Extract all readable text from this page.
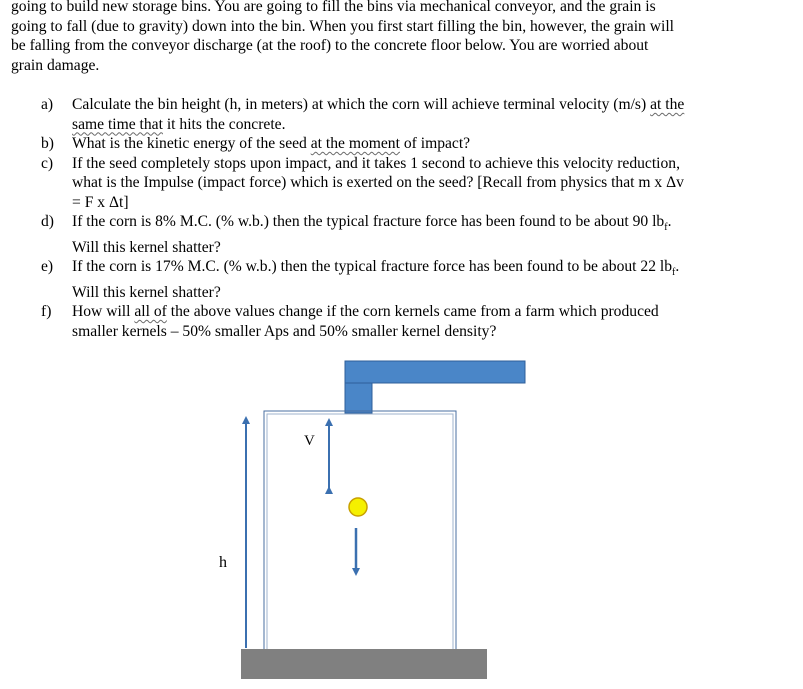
going to build new storage bins. You are going to fill the bins via mechanical conveyor, and the grain is
going to fall (due to gravity) down into the bin. When you first start filling the bin, however, the grain will
be falling from the conveyor discharge (at the roof) to the concrete floor below. You are worried about
grain damage.
a) Calculate the bin height (h, in meters) at which the corn will achieve terminal velocity (m/s) at the
same time that it hits the concrete.
b) What is the kinetic energy of the seed at the moment of impact?
c) If the seed completely stops upon impact, and it takes 1 second to achieve this velocity reduction,
what is the Impulse (impact force) which is exerted on the seed? [Recall from physics that m x Δv
= F x Δt]
d) If the corn is 8% M.C. (% w.b.) then the typical fracture force has been found to be about 90 $lb_f$.
Will this kernel shatter?
e) If the corn is 17% M.C. (% w.b.) then the typical fracture force has been found to be about 22 $lb_f$.
Will this kernel shatter?
f) How will all of the above values change if the corn kernels came from a farm which produced
smaller kernels – 50% smaller Aps and 50% smaller kernel density?
h
V
